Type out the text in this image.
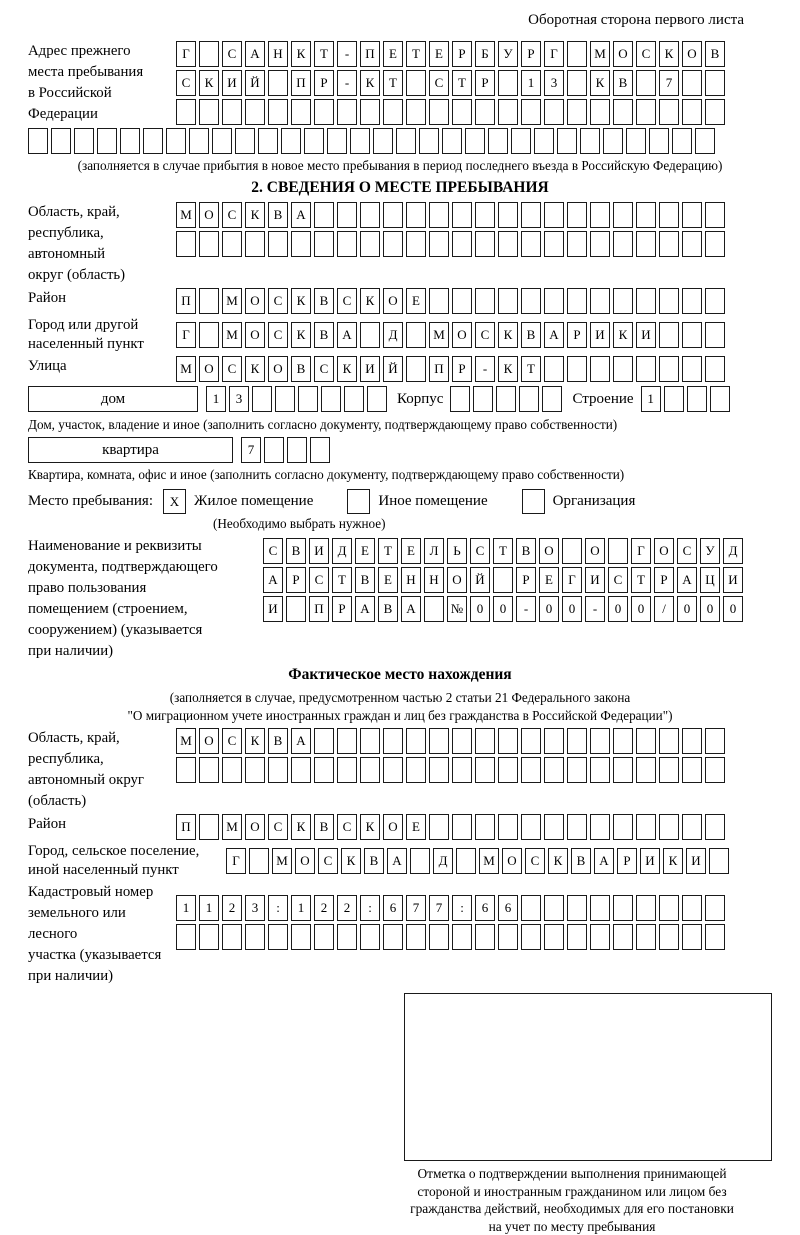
Оборотная сторона первого листа
Адрес прежнего
места пребывания
в Российской
Федерации
Г	С	А	Н	К	Т	-	П	Е	Т	Е	Р	Б	У	Р	Г	М О	С	К	О	В
С	К	И	Й	П	Р	-	К	Т	С	Т	Р	1	3	К	В	7
(заполняется в случае прибытия в новое место пребывания в период последнего въезда в Российскую Федерацию)
2. СВЕДЕНИЯ О МЕСТЕ ПРЕБЫВАНИЯ
Область, край,
республика,
автономный
округ (область)
М О	С	К	В	А
Район	П	М О	С	К	В	С	К	О	Е
Город или другой
населенный пункт
Г	М О	С	К	В	А	Д	М О	С	К	В	А	Р	И	К	И
Улица	М О	С	К	О	В	С	К	И	Й	П	Р	-	К	Т
дом	1	3	Корпус	Строение	1
Дом, участок, владение и иное (заполнить согласно документу, подтверждающему право собственности)
квартира	7
Квартира, комната, офис и иное (заполнить согласно документу, подтверждающему право собственности)
Место пребывания:	X Жилое помещение	Иное помещение	Организация
(Необходимо выбрать нужное)
Наименование и реквизиты
документа, подтверждающего
право пользования
помещением (строением,
сооружением) (указывается
при наличии)
С	В	И	Д	Е	Т	Е	Л	Ь	С	Т	В	О	О	Г	О	С	У	Д
А	Р	С	Т	В	Е	Н	Н	О	Й	Р	Е	Г	И	С	Т	Р	А	Ц	И
И	П	Р	А	В	А	№	0	0	-	0	0	-	0	0	/	0	0	0
Фактическое место нахождения
(заполняется в случае, предусмотренном частью 2 статьи 21 Федерального закона
"О миграционном учете иностранных граждан и лиц без гражданства в Российской Федерации")
Область, край,
республика,
автономный округ
(область)
М О	С	К	В	А
Район	П	М О	С	К	В	С	К	О	Е
Город, сельское поселение,
иной населенный пункт
Г	М О	С	К	В	А	Д	М О	С	К	В	А	Р	И	К	И
Кадастровый номер
земельного или лесного
участка (указывается
при наличии)
1	1	2	3	:	1	2	2	:	6	7	7	:	6	6
Отметка о подтверждении выполнения принимающей
стороной и иностранным гражданином или лицом без
гражданства действий, необходимых для его постановки
на учет по месту пребывания
